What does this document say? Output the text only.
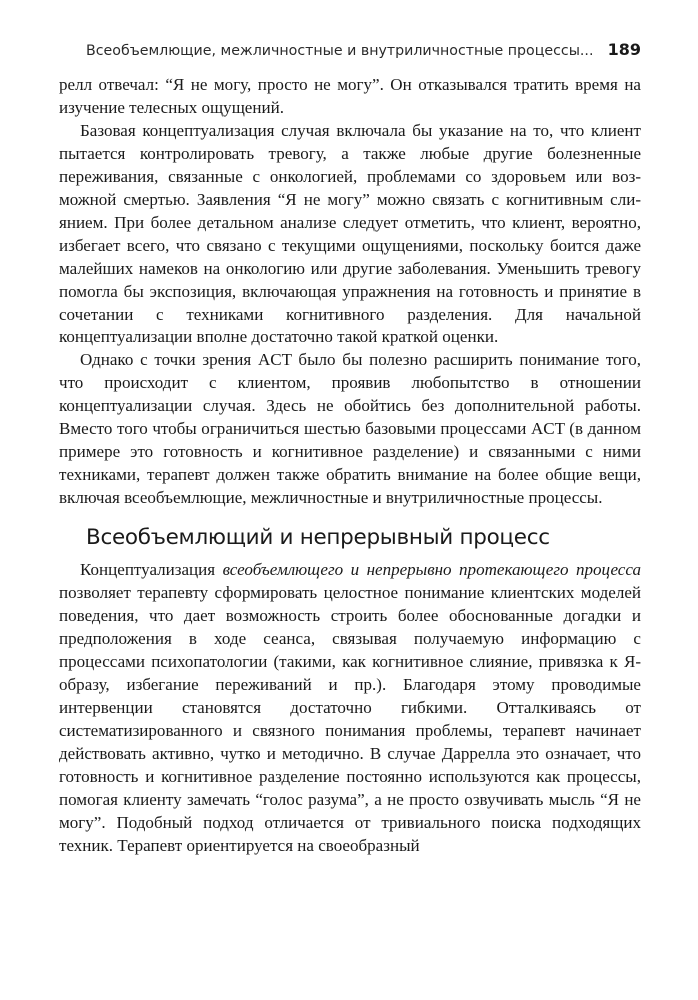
Всеобъемлющие, межличностные и внутриличностные процессы... 189

релл отвечал: “Я не могу, просто не могу”. Он отказывался тратить время на изучение телесных ощущений.

Базовая концептуализация случая включала бы указание на то, что клиент пытается контролировать тревогу, а также любые другие болезненные переживания, связанные с онкологией, проблемами со здоровьем или возможной смертью. Заявления “Я не могу” можно связать с когнитивным слиянием. При более детальном анализе следует отметить, что клиент, вероятно, избегает всего, что связано с текущими ощущениями, поскольку боится даже малейших намеков на онкологию или другие заболевания. Уменьшить тревогу помогла бы экспозиция, включающая упражнения на готовность и принятие в сочетании с техниками когнитивного разделения. Для начальной концептуализации вполне достаточно такой краткой оценки.

Однако с точки зрения ACT было бы полезно расширить понимание того, что происходит с клиентом, проявив любопытство в отношении концептуализации случая. Здесь не обойтись без дополнительной работы. Вместо того чтобы ограничиться шестью базовыми процессами ACT (в данном примере это готовность и когнитивное разделение) и связанными с ними техниками, терапевт должен также обратить внимание на более общие вещи, включая всеобъемлющие, межличностные и внутриличностные процессы.

Всеобъемлющий и непрерывный процесс

Концептуализация всеобъемлющего и непрерывно протекающего процесса позволяет терапевту сформировать целостное понимание клиентских моделей поведения, что дает возможность строить более обоснованные догадки и предположения в ходе сеанса, связывая получаемую информацию с процессами психопатологии (такими, как когнитивное слияние, привязка к Я-образу, избегание переживаний и пр.). Благодаря этому проводимые интервенции становятся достаточно гибкими. Отталкиваясь от систематизированного и связного понимания проблемы, терапевт начинает действовать активно, чутко и методично. В случае Даррелла это означает, что готовность и когнитивное разделение постоянно используются как процессы, помогая клиенту замечать “голос разума”, а не просто озвучивать мысль “Я не могу”. Подобный подход отличается от тривиального поиска подходящих техник. Терапевт ориентируется на своеобразный
